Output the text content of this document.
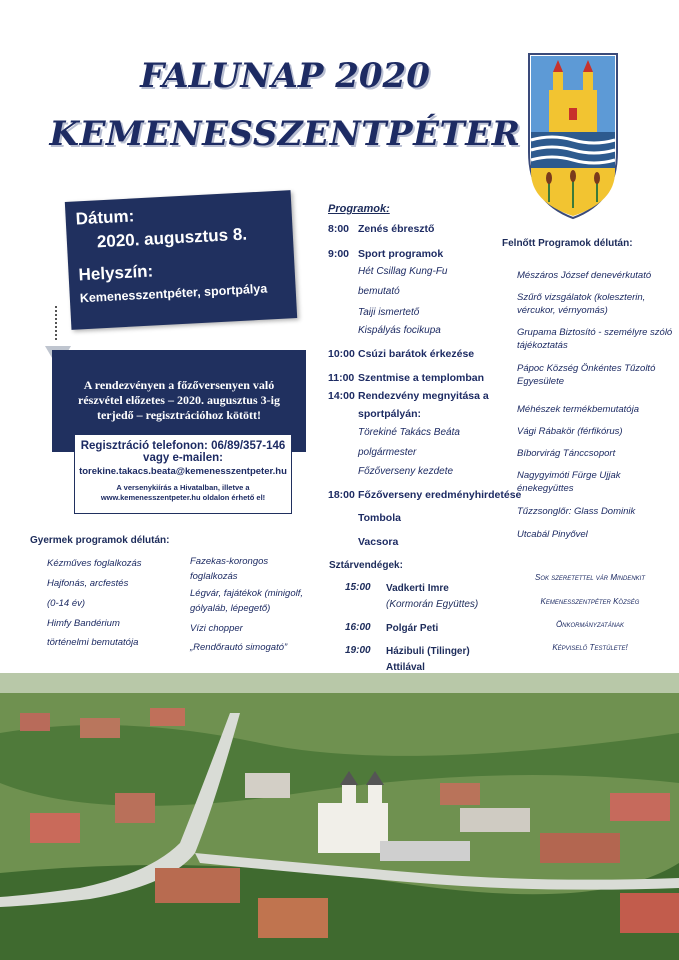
FALUNAP 2020
KEMENESSZENTPÉTER
Dátum:
2020. augusztus 8.
Helyszín:
Kemenesszentpéter, sportpálya
A rendezvényen a főzőversenyen való részvétel előzetes – 2020. augusztus 3-ig terjedő – regisztrációhoz kötött!
Regisztráció telefonon: 06/89/357-146
vagy e-mailen:
torekine.takacs.beata@kemenesszentpeter.hu
A versenykiírás a Hivatalban, illetve a www.kemenesszentpeter.hu oldalon érhető el!
Programok:
8:00 Zenés ébresztő
9:00 Sport programok
Hét Csillag Kung-Fu
bemutató
Taiji ismertető
Kispályás focikupa
10:00 Csúzi barátok érkezése
11:00 Szentmise a templomban
14:00 Rendezvény megnyitása a
sportpályán:
Törekiné Takács Beáta
polgármester
Főzőverseny kezdete
18:00 Főzőverseny eredményhirdetése
Tombola
Vacsora
Felnőtt Programok délután:
Mészáros József denevérkutató
Szűrő vizsgálatok (koleszterin, vércukor, vérnyomás)
Grupama Biztosító - személyre szóló tájékoztatás
Pápoc Község Önkéntes Tűzoltó Egyesülete
Méhészek termékbemutatója
Vági Rábakör (férfikórus)
Bíborvirág Tánccsoport
Nagygyimóti Fürge Ujjak énekegyüttes
Tűzzsonglőr: Glass Dominik
Utcabál Pinyővel
Gyermek programok délután:
Kézműves foglalkozás
Hajfonás, arcfestés
(0-14 év)
Himfy Bandérium
történelmi bemutatója
Fazekas-korongos
foglalkozás
Légvár, fajátékok (minigolf,
gólyaláb, lépegető)
Vízi chopper
„Rendőrautó simogató”
Sztárvendégek:
15:00 Vadkerti Imre
(Kormorán Együttes)
16:00 Polgár Peti
19:00 Házibuli (Tilinger)
Attilával
Sok szeretettel vár Mindenkit
Kemenesszentpéter Község
Önkormányzatának
Képviselő Testülete!
